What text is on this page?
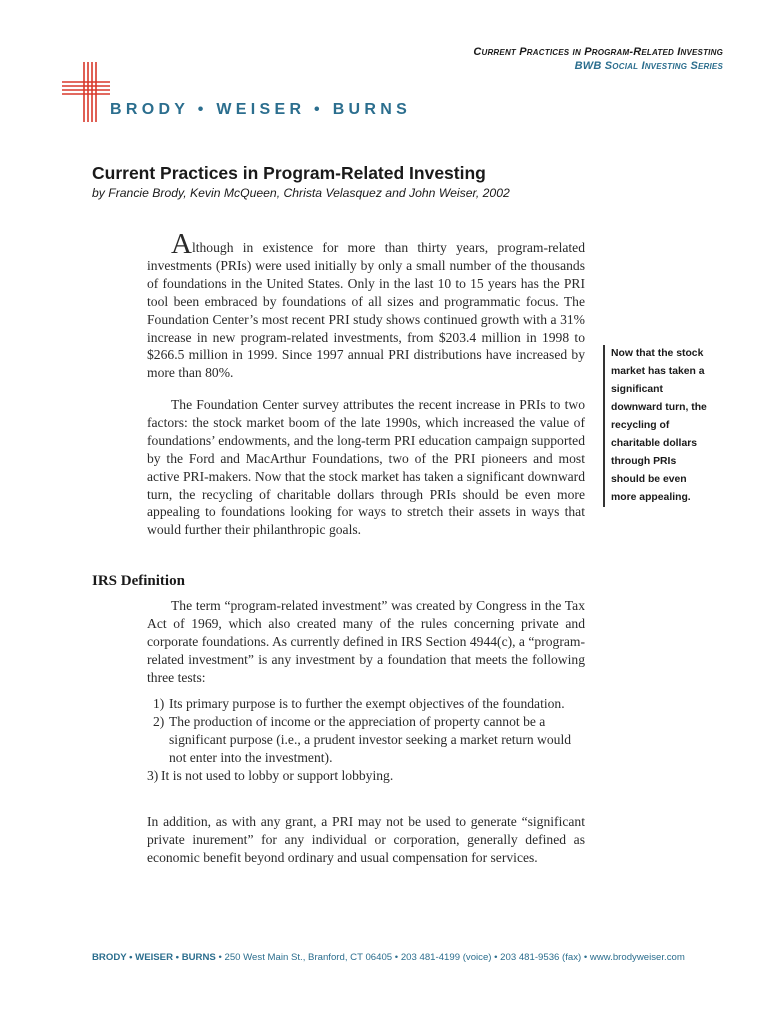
Current Practices in Program-Related Investing
BWB Social Investing Series
BRODY • WEISER • BURNS
Current Practices in Program-Related Investing
by Francie Brody, Kevin McQueen, Christa Velasquez and John Weiser, 2002

Although in existence for more than thirty years, program-related investments (PRIs) were used initially by only a small number of the thousands of foundations in the United States. Only in the last 10 to 15 years has the PRI tool been embraced by foundations of all sizes and programmatic focus. The Foundation Center’s most recent PRI study shows continued growth with a 31% increase in new program-related investments, from $203.4 million in 1998 to $266.5 million in 1999. Since 1997 annual PRI distributions have increased by more than 80%.

The Foundation Center survey attributes the recent increase in PRIs to two factors: the stock market boom of the late 1990s, which increased the value of foundations’ endowments, and the long-term PRI education campaign supported by the Ford and MacArthur Foundations, two of the PRI pioneers and most active PRI-makers. Now that the stock market has taken a significant downward turn, the recycling of charitable dollars through PRIs should be even more appealing to foundations looking for ways to stretch their assets in ways that would further their philanthropic goals.

Now that the stock market has taken a significant downward turn, the recycling of charitable dollars through PRIs should be even more appealing.
IRS Definition

The term “program-related investment” was created by Congress in the Tax Act of 1969, which also created many of the rules concerning private and corporate foundations. As currently defined in IRS Section 4944(c), a “program-related investment” is any investment by a foundation that meets the following three tests:

1) Its primary purpose is to further the exempt objectives of the foundation.
2) The production of income or the appreciation of property cannot be a significant purpose (i.e., a prudent investor seeking a market return would not enter into the investment).
3) It is not used to lobby or support lobbying.

In addition, as with any grant, a PRI may not be used to generate “significant private inurement” for any individual or corporation, generally defined as economic benefit beyond ordinary and usual compensation for services.

BRODY • WEISER • BURNS • 250 West Main St., Branford, CT 06405 • 203 481-4199 (voice) • 203 481-9536 (fax) • www.brodyweiser.com
